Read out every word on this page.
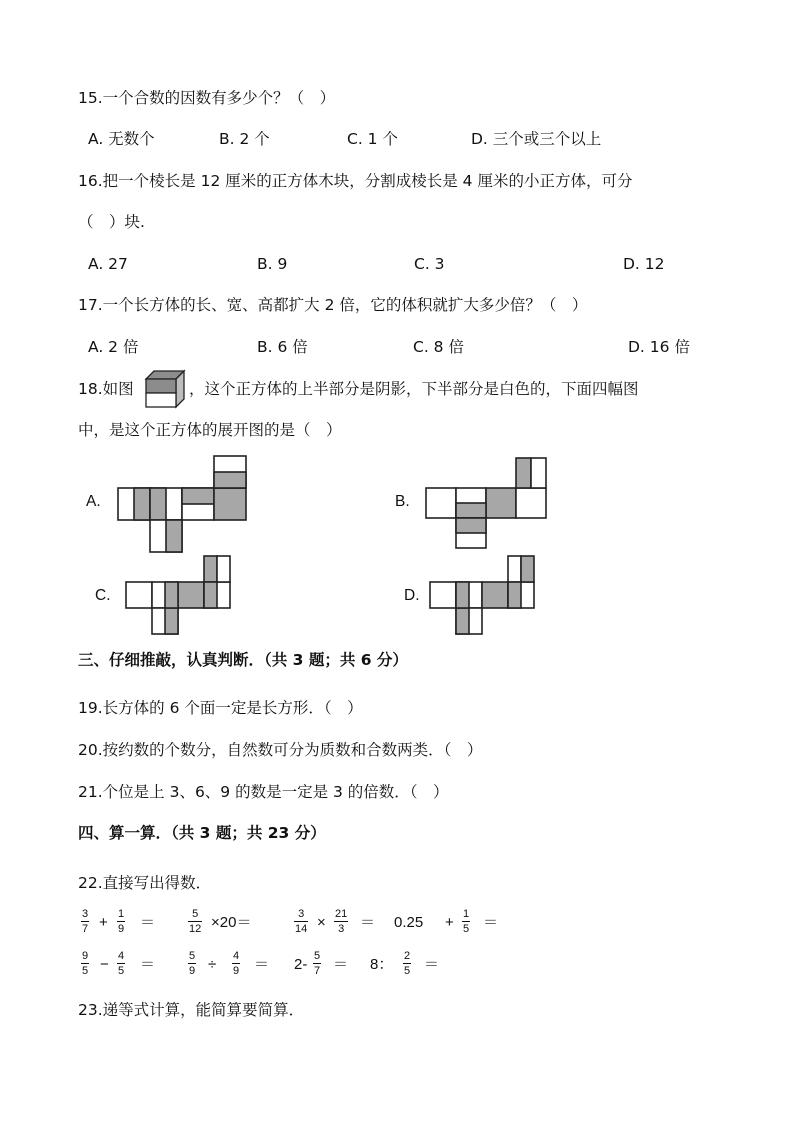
15.一个合数的因数有多少个？（　）
A. 无数个	B. 2 个	C. 1 个	D. 三个或三个以上
16.把一个棱长是 12 厘米的正方体木块，分割成棱长是 4 厘米的小正方体，可分
（　）块.
A. 27	B. 9	C. 3	D. 12
17.一个长方体的长、宽、高都扩大 2 倍，它的体积就扩大多少倍？（　）
A. 2 倍	B. 6 倍	C. 8 倍	D. 16 倍
18.如图	，这个正方体的上半部分是阴影，下半部分是白色的，下面四幅图
中，是这个正方体的展开图的是（　）
A.	B.
C.	D.
三、仔细推敲，认真判断．（共 3 题；共 6 分）
19.长方体的 6 个面一定是长方形．（　）
20.按约数的个数分，自然数可分为质数和合数两类．（　）
21.个位是上 3、6、9 的数是一定是 3 的倍数．（　）
四、算一算．（共 3 题；共 23 分）
22.直接写出得数．
3
7 + 1
9 ＝	5
12 ×20＝	3
14 × 21
3 ＝ 0.25 + 1
5 ＝
9
5 − 4
5 ＝	5
9 ÷ 4
9 ＝ 2- 5
7 ＝ 8： 2
5 ＝
23.递等式计算，能简算要简算．
